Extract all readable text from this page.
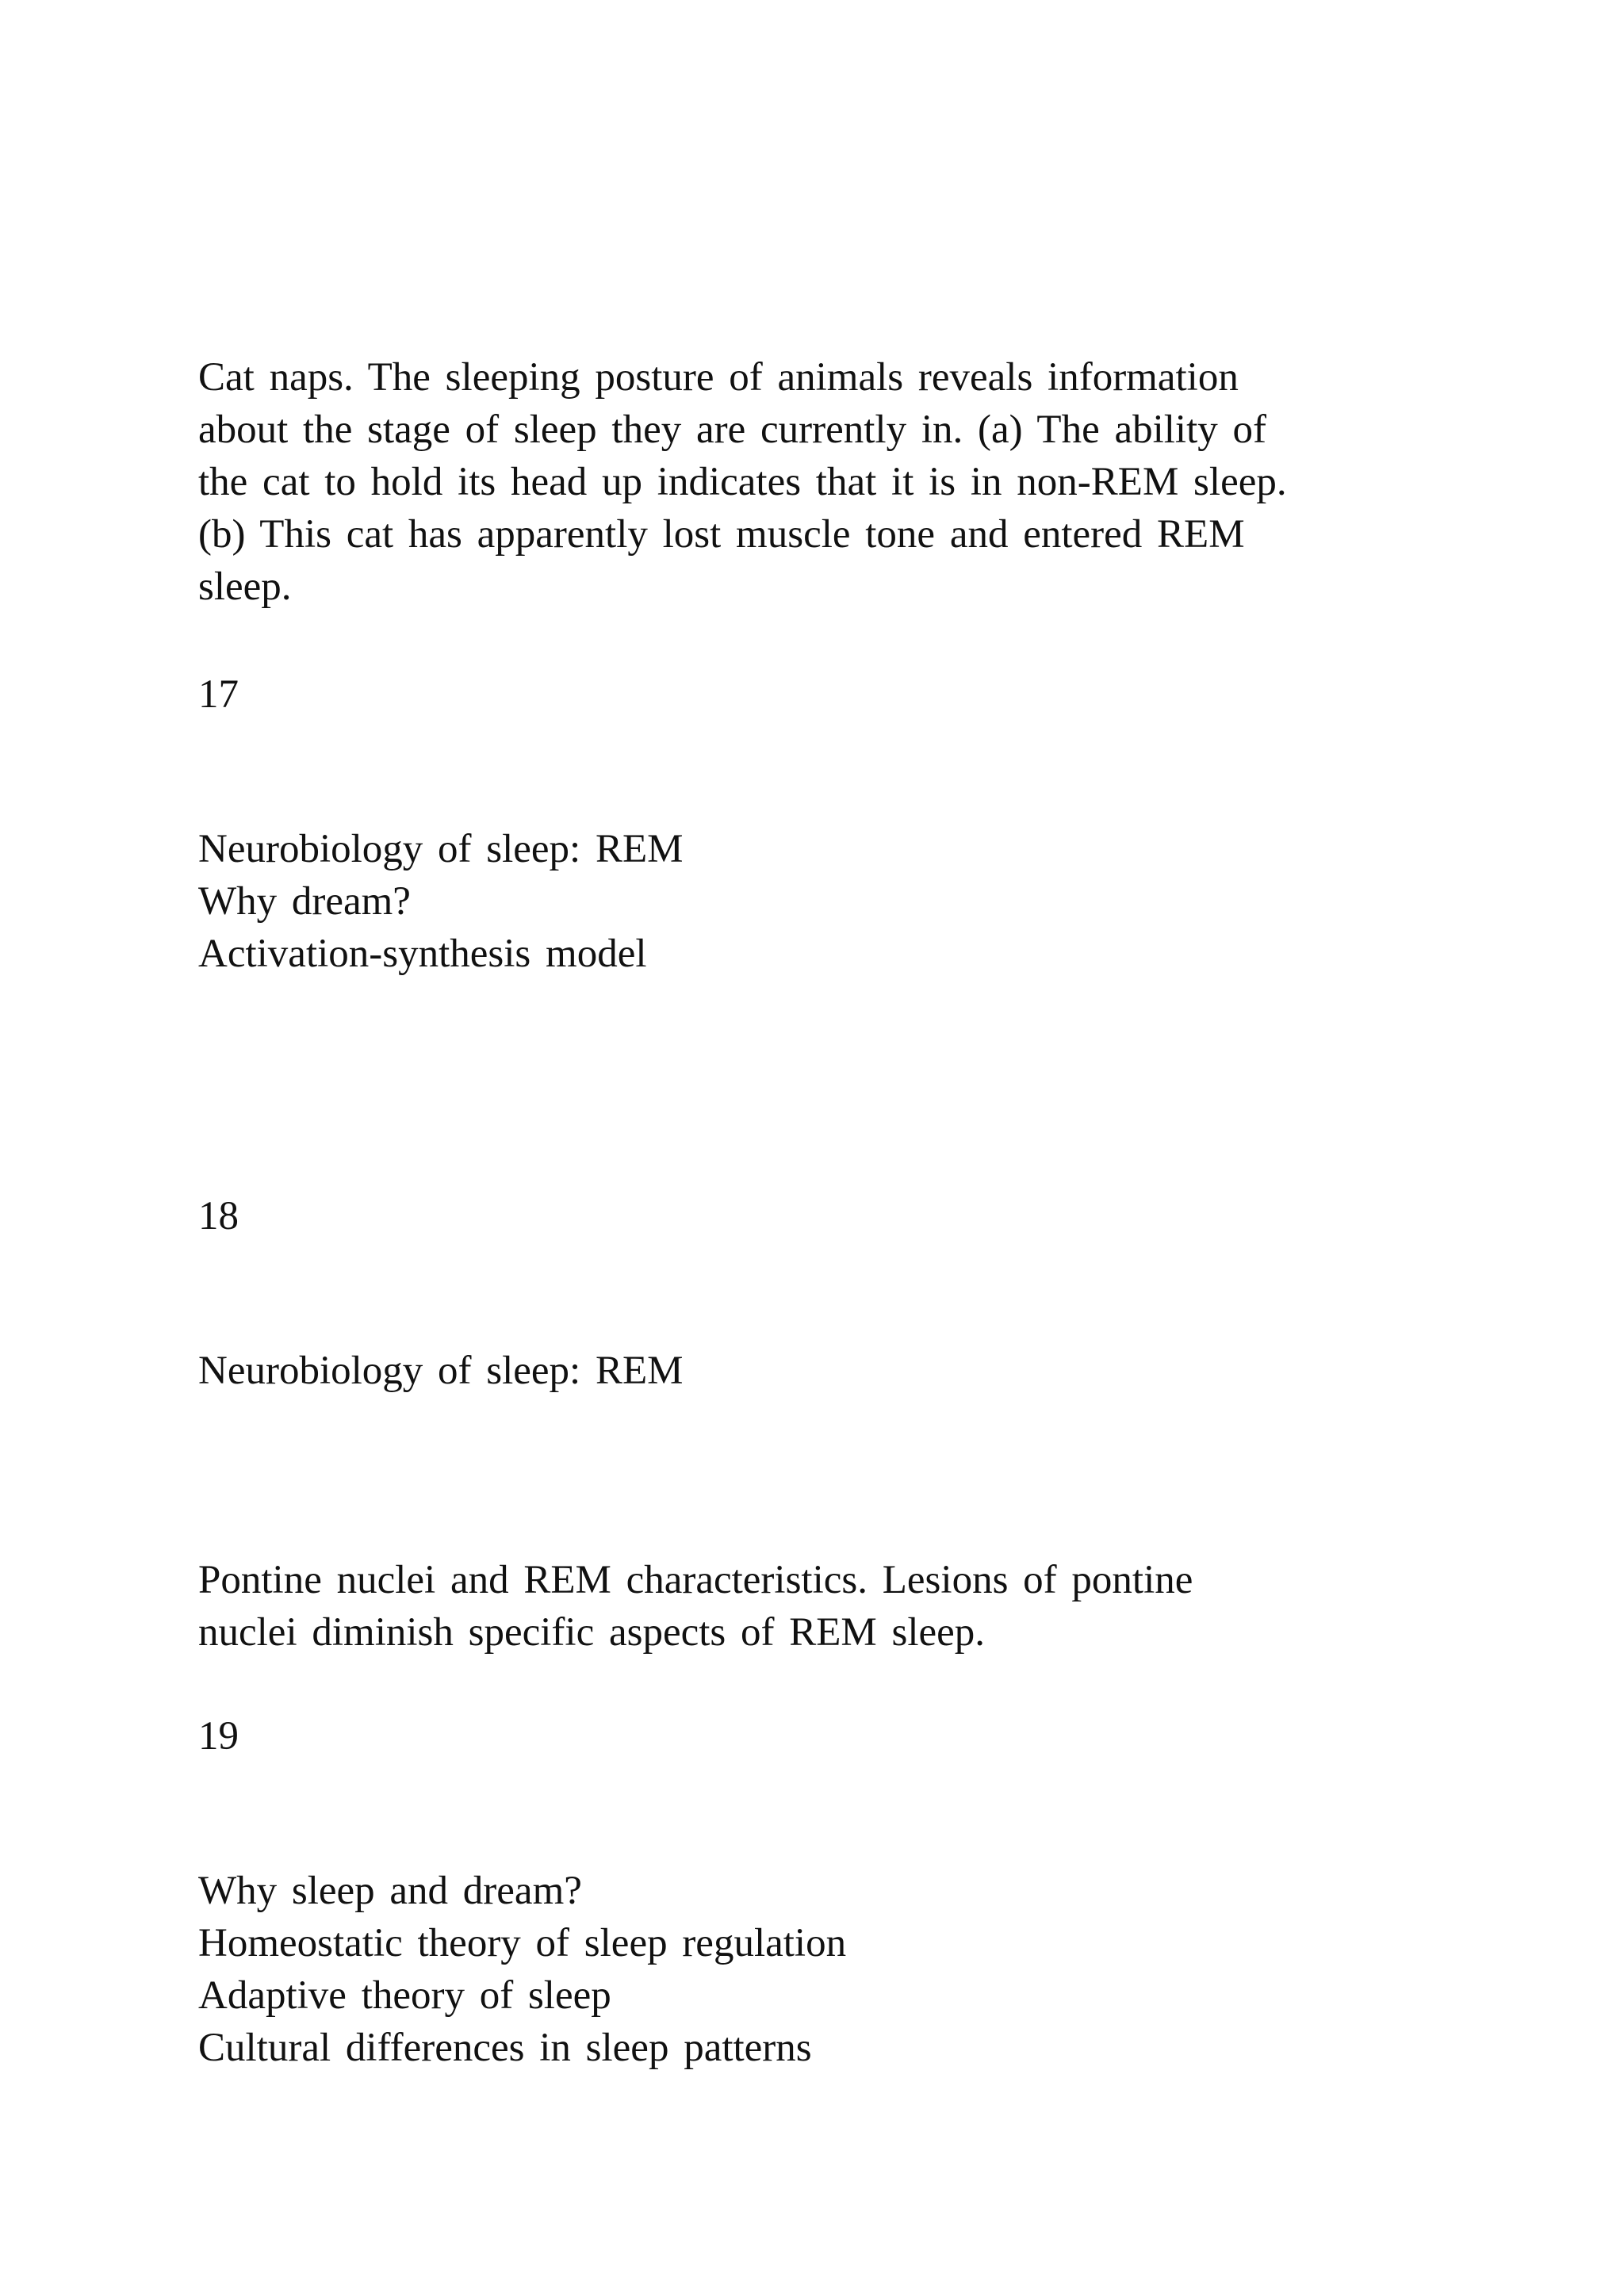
Cat naps. The sleeping posture of animals reveals information
about the stage of sleep they are currently in. (a) The ability of
the cat to hold its head up indicates that it is in non-REM sleep.
(b) This cat has apparently lost muscle tone and entered REM
sleep.
17
Neurobiology of sleep: REM
Why dream?
Activation-synthesis model
18
Neurobiology of sleep: REM
Pontine nuclei and REM characteristics. Lesions of pontine
nuclei diminish specific aspects of REM sleep.
19
Why sleep and dream?
Homeostatic theory of sleep regulation
Adaptive theory of sleep
Cultural differences in sleep patterns
